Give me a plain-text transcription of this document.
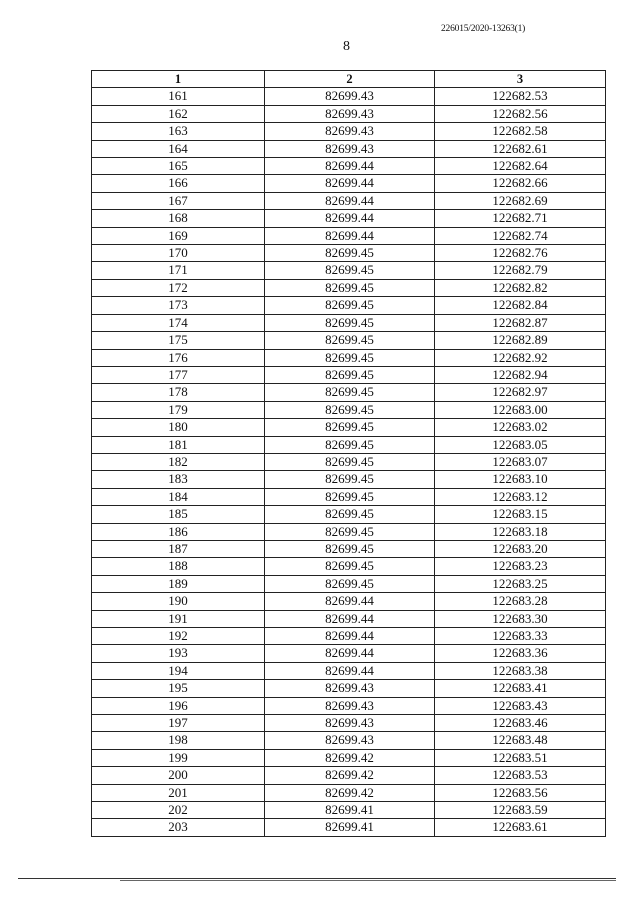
226015/2020-13263(1)
8
1	2	3
161	82699.43	122682.53
162	82699.43	122682.56
163	82699.43	122682.58
164	82699.43	122682.61
165	82699.44	122682.64
166	82699.44	122682.66
167	82699.44	122682.69
168	82699.44	122682.71
169	82699.44	122682.74
170	82699.45	122682.76
171	82699.45	122682.79
172	82699.45	122682.82
173	82699.45	122682.84
174	82699.45	122682.87
175	82699.45	122682.89
176	82699.45	122682.92
177	82699.45	122682.94
178	82699.45	122682.97
179	82699.45	122683.00
180	82699.45	122683.02
181	82699.45	122683.05
182	82699.45	122683.07
183	82699.45	122683.10
184	82699.45	122683.12
185	82699.45	122683.15
186	82699.45	122683.18
187	82699.45	122683.20
188	82699.45	122683.23
189	82699.45	122683.25
190	82699.44	122683.28
191	82699.44	122683.30
192	82699.44	122683.33
193	82699.44	122683.36
194	82699.44	122683.38
195	82699.43	122683.41
196	82699.43	122683.43
197	82699.43	122683.46
198	82699.43	122683.48
199	82699.42	122683.51
200	82699.42	122683.53
201	82699.42	122683.56
202	82699.41	122683.59
203	82699.41	122683.61
